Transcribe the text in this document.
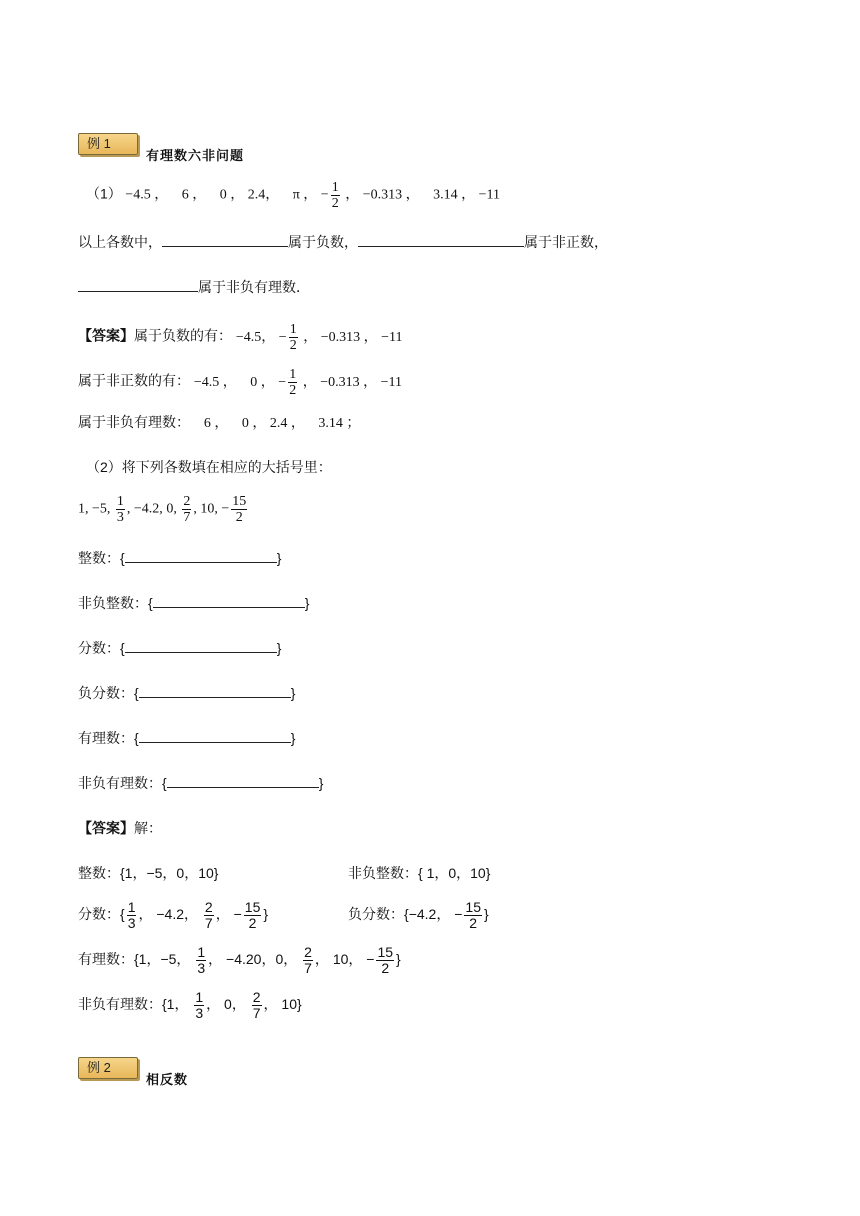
例 1
有理数六非问题
（1） −4.5 ， 6 ， 0 ， 2.4， π ， − $\frac{1}{2}$ ， −0.313 ， 3.14 ， −11
以上各数中，	属于负数，	属于非正数，
属于非负有理数．
【答案】属于负数的有： −4.5， − $\frac{1}{2}$ ， −0.313 ， −11
属于非正数的有： −4.5 ， 0 ， − $\frac{1}{2}$ ， −0.313 ， −11
属于非负有理数： 6 ， 0 ， 2.4 ， 3.14 ；
（2）将下列各数填在相应的大括号里：
1, −5, $\frac{1}{3}$ , −4.2, 0, $\frac{2}{7}$ , 10, − $\frac{15}{2}$
整数：{	}
非负整数：{	}
分数：{	}
负分数：{	}
有理数：{	}
非负有理数：{	}
【答案】解：
整数：{1，−5，0，10}	非负整数：{ 1，0，10}
分数：{ $\frac{1}{3}$ ， −4.2， $\frac{2}{7}$ ， − $\frac{15}{2}$ }	负分数：{−4.2， − $\frac{15}{2}$ }
有理数：{1，−5， $\frac{1}{3}$ ， −4.20，0， $\frac{2}{7}$ ， 10， − $\frac{15}{2}$ }
非负有理数：{1， $\frac{1}{3}$ ， 0， $\frac{2}{7}$ ， 10}
例 2
相反数
